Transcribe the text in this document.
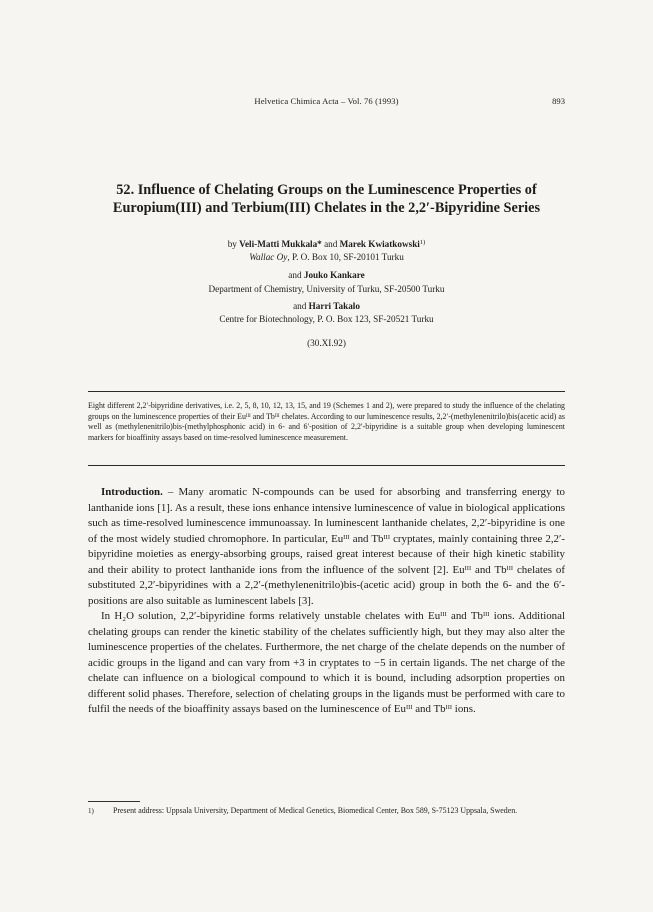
Helvetica Chimica Acta – Vol. 76 (1993)	893
52. Influence of Chelating Groups on the Luminescence Properties of
Europium(III) and Terbium(III) Chelates in the 2,2′-Bipyridine Series
by Veli-Matti Mukkala* and Marek Kwiatkowski$^{1)}$
Wallac Oy, P. O. Box 10, SF-20101 Turku
and Jouko Kankare
Department of Chemistry, University of Turku, SF-20500 Turku
and Harri Takalo
Centre for Biotechnology, P. O. Box 123, SF-20521 Turku
(30.XI.92)

Eight different 2,2′-bipyridine derivatives, i.e. 2, 5, 8, 10, 12, 13, 15, and 19 (Schemes 1 and 2), were prepared to study the influence of the chelating groups on the luminescence properties of their Euᴵᴵᴵ and Tbᴵᴵᴵ chelates. According to our luminescence results, 2,2′-(methylenenitrilo)bis(acetic acid) as well as (methylenenitrilo)bis-(methylphosphonic acid) in 6- and 6′-position of 2,2′-bipyridine is a suitable group when developing luminescent markers for bioaffinity assays based on time-resolved luminescence measurement.

Introduction. – Many aromatic N-compounds can be used for absorbing and transferring energy to lanthanide ions [1]. As a result, these ions enhance intensive luminescence of value in biological applications such as time-resolved luminescence immunoassay. In luminescent lanthanide chelates, 2,2′-bipyridine is one of the most widely studied chromophore. In particular, Euᴵᴵᴵ and Tbᴵᴵᴵ cryptates, mainly containing three 2,2′-bipyridine moieties as energy-absorbing groups, raised great interest because of their high kinetic stability and their ability to protect lanthanide ions from the influence of the solvent [2]. Euᴵᴵᴵ and Tbᴵᴵᴵ chelates of substituted 2,2′-bipyridines with a 2,2′-(methylenenitrilo)bis-(acetic acid) group in both the 6- and the 6′-positions are also suitable as luminescent labels [3].

In H₂O solution, 2,2′-bipyridine forms relatively unstable chelates with Euᴵᴵᴵ and Tbᴵᴵᴵ ions. Additional chelating groups can render the kinetic stability of the chelates sufficiently high, but they may also alter the luminescence properties of the chelates. Furthermore, the net charge of the chelate depends on the number of acidic groups in the ligand and can vary from +3 in cryptates to −5 in certain ligands. The net charge of the chelate can influence on a biological compound to which it is bound, including adsorption properties on different solid phases. Therefore, selection of chelating groups in the ligands must be performed with care to fulfil the needs of the bioaffinity assays based on the luminescence of Euᴵᴵᴵ and Tbᴵᴵᴵ ions.

1) Present address: Uppsala University, Department of Medical Genetics, Biomedical Center, Box 589, S-75123 Uppsala, Sweden.
